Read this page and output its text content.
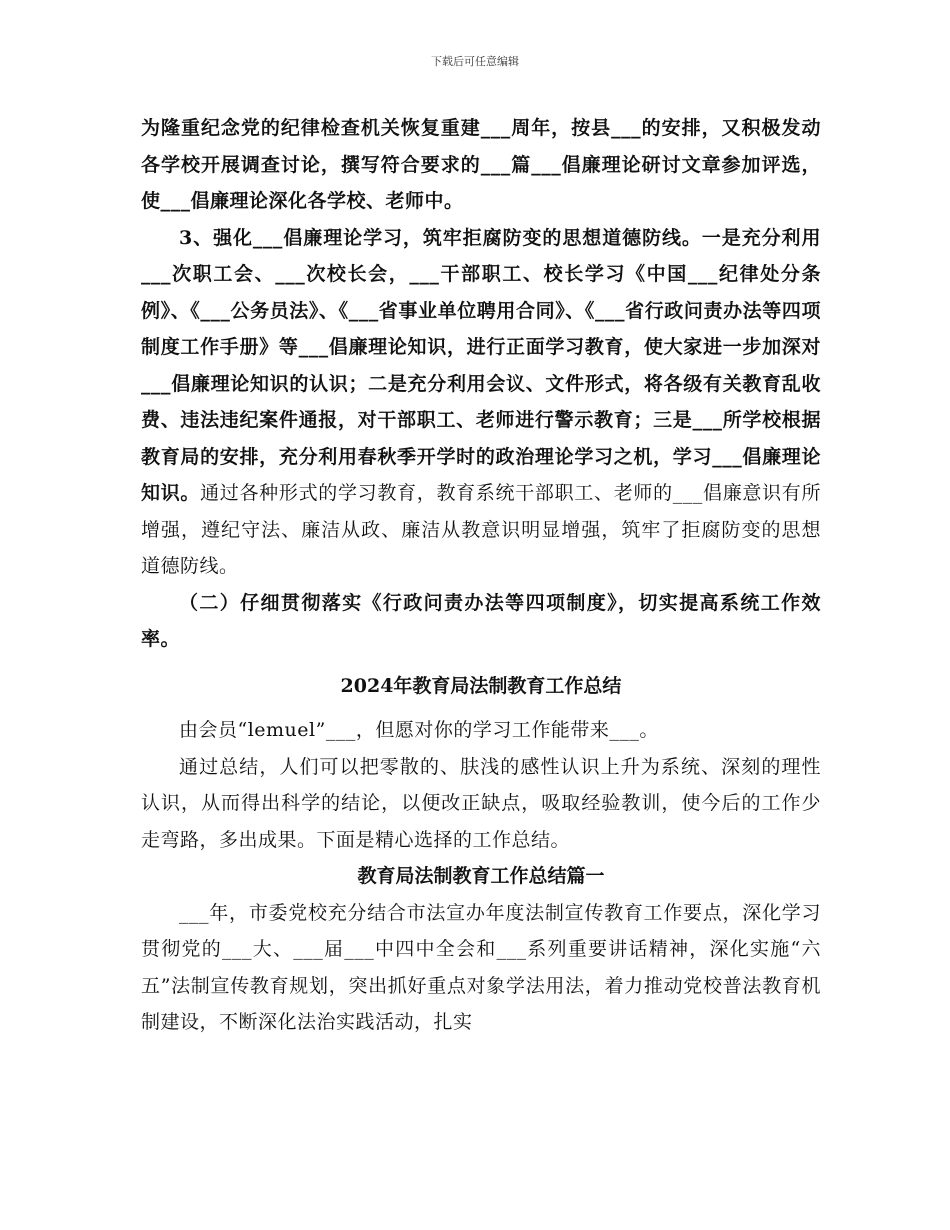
下载后可任意编辑

为隆重纪念党的纪律检查机关恢复重建___周年，按县___的安排，又积极发动各学校开展调查讨论，撰写符合要求的___篇___倡廉理论研讨文章参加评选，使___倡廉理论深化各学校、老师中。

3、强化___倡廉理论学习，筑牢拒腐防变的思想道德防线。一是充分利用___次职工会、___次校长会，___干部职工、校长学习《中国___纪律处分条例》、《___公务员法》、《___省事业单位聘用合同》、《___省行政问责办法等四项制度工作手册》等___倡廉理论知识，进行正面学习教育，使大家进一步加深对___倡廉理论知识的认识；二是充分利用会议、文件形式，将各级有关教育乱收费、违法违纪案件通报，对干部职工、老师进行警示教育；三是___所学校根据教育局的安排，充分利用春秋季开学时的政治理论学习之机，学习___倡廉理论知识。通过各种形式的学习教育，教育系统干部职工、老师的___倡廉意识有所增强，遵纪守法、廉洁从政、廉洁从教意识明显增强，筑牢了拒腐防变的思想道德防线。

（二）仔细贯彻落实《行政问责办法等四项制度》，切实提高系统工作效率。

2024年教育局法制教育工作总结

由会员“lemuel”___，但愿对你的学习工作能带来___。

通过总结，人们可以把零散的、肤浅的感性认识上升为系统、深刻的理性认识，从而得出科学的结论，以便改正缺点，吸取经验教训，使今后的工作少走弯路，多出成果。下面是精心选择的工作总结。

教育局法制教育工作总结篇一

___年，市委党校充分结合市法宣办年度法制宣传教育工作要点，深化学习贯彻党的___大、___届___中四中全会和___系列重要讲话精神，深化实施“六五”法制宣传教育规划，突出抓好重点对象学法用法，着力推动党校普法教育机制建设，不断深化法治实践活动，扎实
